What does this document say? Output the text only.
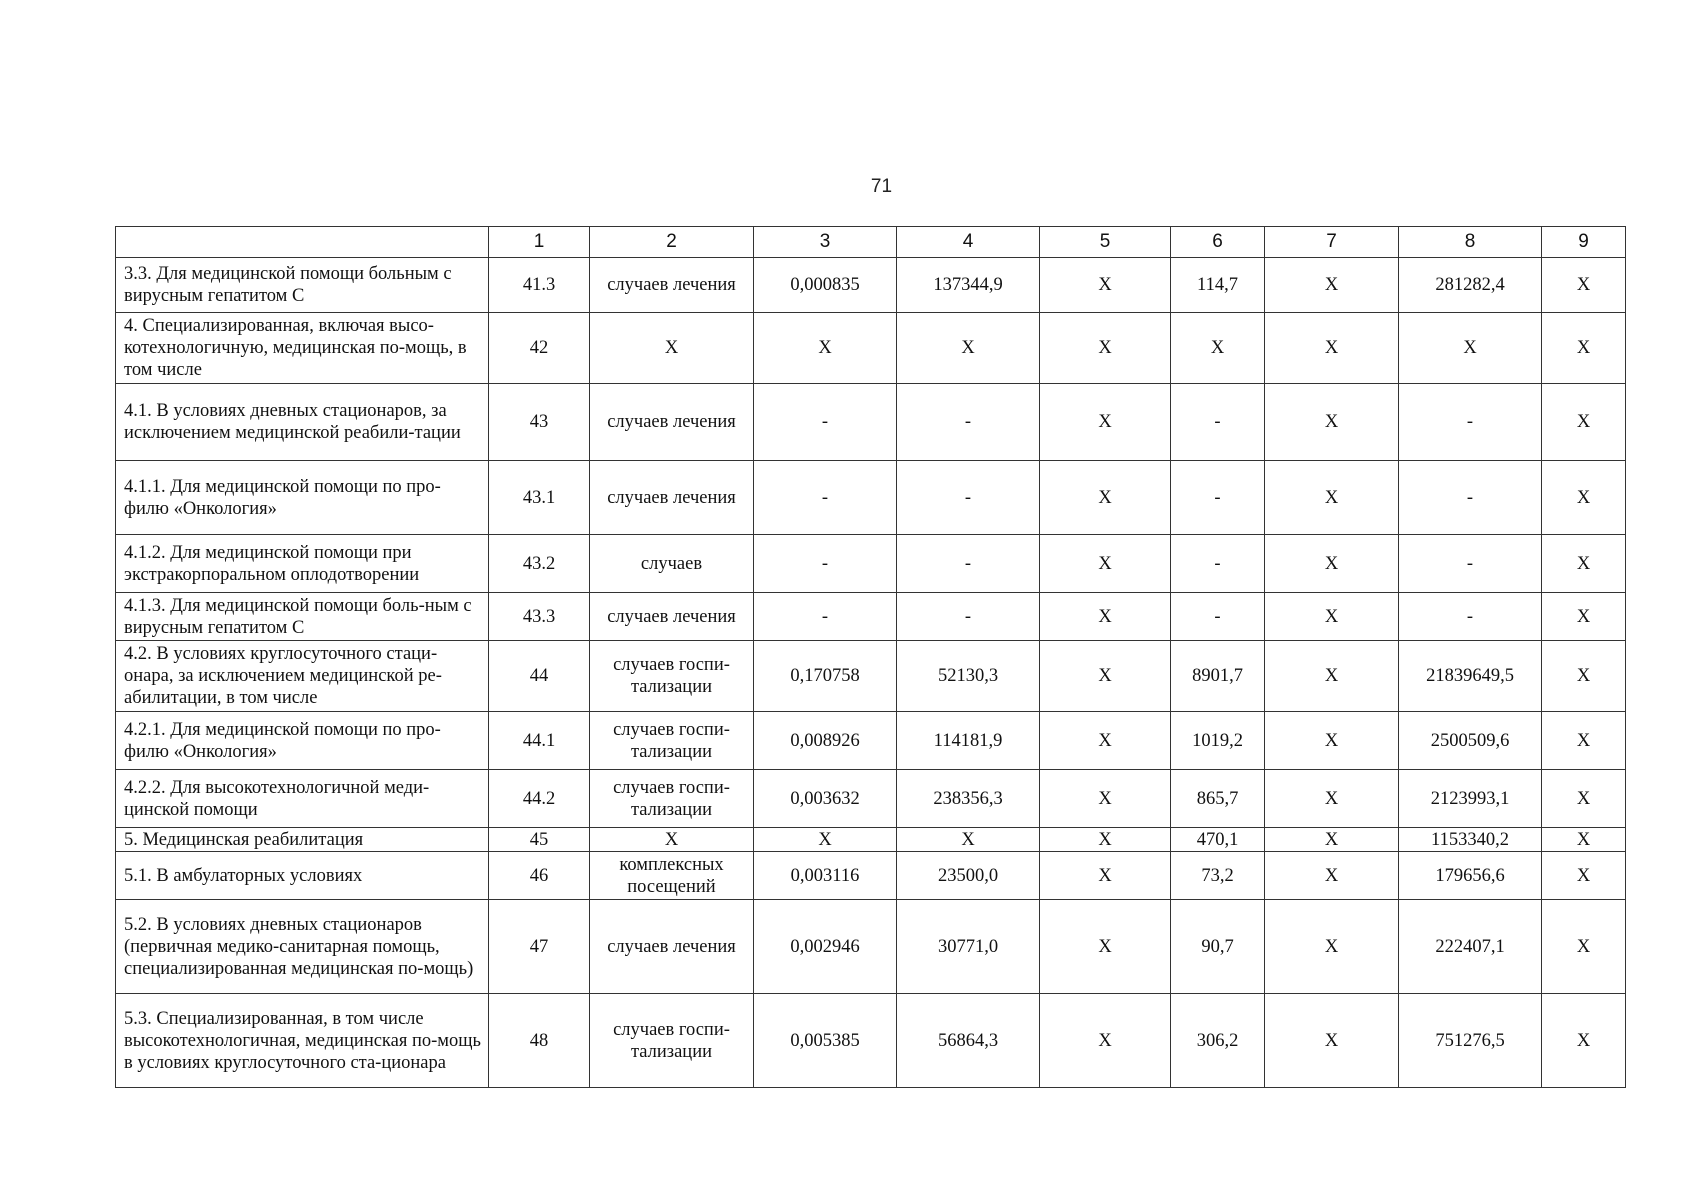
71
	1	2	3	4	5	6	7	8	9
3.3. Для медицинской помощи больным с вирусным гепатитом С	41.3	случаев лечения	0,000835	137344,9	Х	114,7	Х	281282,4	Х
4. Специализированная, включая высо-котехнологичную, медицинская по-мощь, в том числе	42	Х	Х	Х	Х	Х	Х	Х	Х
4.1. В условиях дневных стационаров, за исключением медицинской реабили-тации	43	случаев лечения	-	-	Х	-	Х	-	Х
4.1.1. Для медицинской помощи по про-филю «Онкология»	43.1	случаев лечения	-	-	Х	-	Х	-	Х
4.1.2. Для медицинской помощи при экстракорпоральном оплодотворении	43.2	случаев	-	-	Х	-	Х	-	Х
4.1.3. Для медицинской помощи боль-ным с вирусным гепатитом С	43.3	случаев лечения	-	-	Х	-	Х	-	Х
4.2. В условиях круглосуточного стаци-онара, за исключением медицинской ре-абилитации, в том числе	44	случаев госпи-тализации	0,170758	52130,3	Х	8901,7	Х	21839649,5	Х
4.2.1. Для медицинской помощи по про-филю «Онкология»	44.1	случаев госпи-тализации	0,008926	114181,9	Х	1019,2	Х	2500509,6	Х
4.2.2. Для высокотехнологичной меди-цинской помощи	44.2	случаев госпи-тализации	0,003632	238356,3	Х	865,7	Х	2123993,1	Х
5. Медицинская реабилитация	45	Х	Х	Х	Х	470,1	Х	1153340,2	Х
5.1. В амбулаторных условиях	46	комплексных посещений	0,003116	23500,0	Х	73,2	Х	179656,6	Х
5.2. В условиях дневных стационаров (первичная медико-санитарная помощь, специализированная медицинская по-мощь)	47	случаев лечения	0,002946	30771,0	Х	90,7	Х	222407,1	Х
5.3. Специализированная, в том числе высокотехнологичная, медицинская по-мощь в условиях круглосуточного ста-ционара	48	случаев госпи-тализации	0,005385	56864,3	Х	306,2	Х	751276,5	Х
